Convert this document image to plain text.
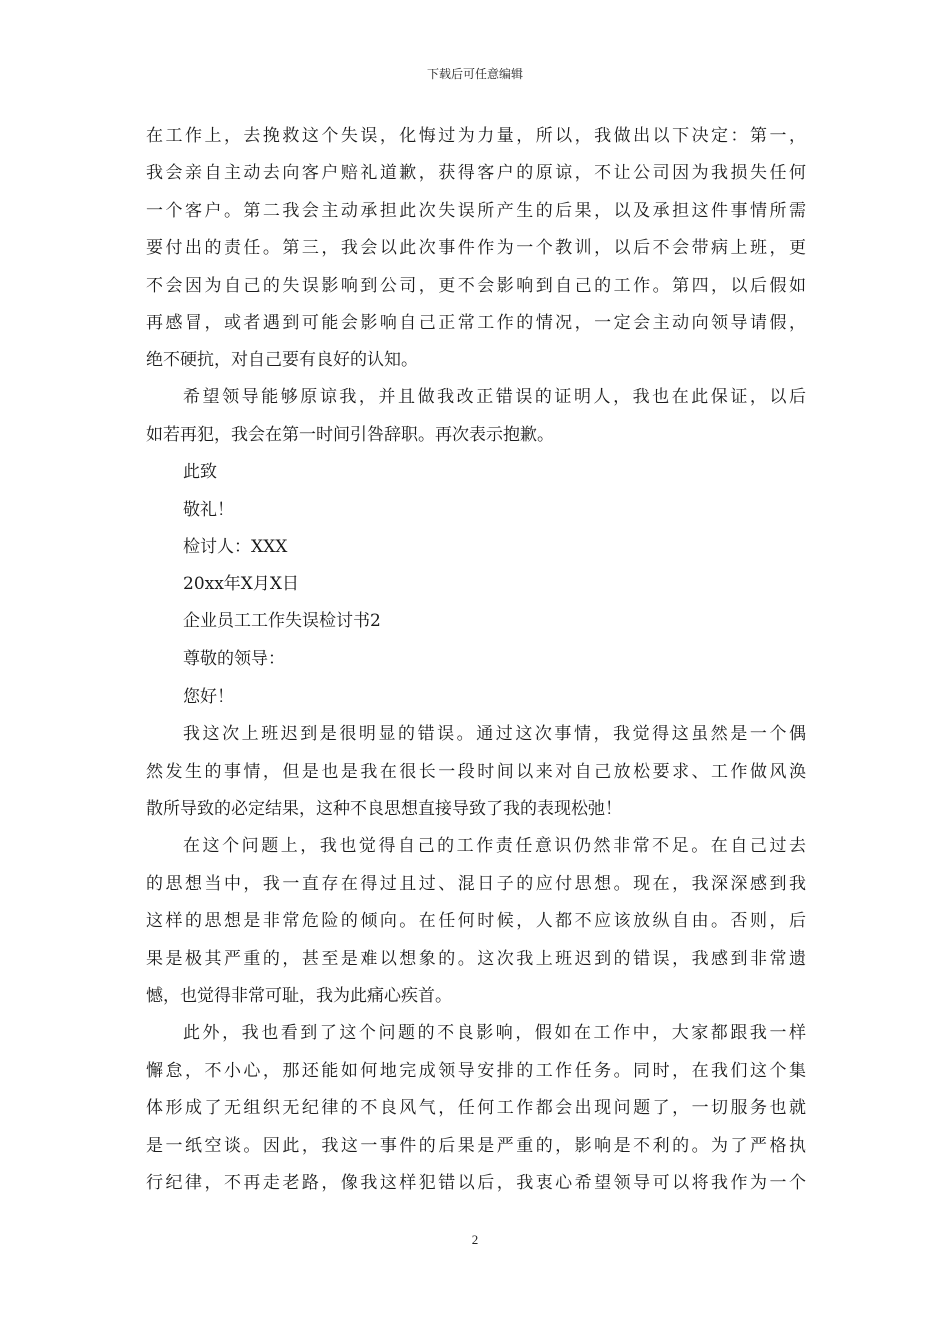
下载后可任意编辑
在工作上，去挽救这个失误，化悔过为力量，所以，我做出以下决定：第一，
我会亲自主动去向客户赔礼道歉，获得客户的原谅，不让公司因为我损失任何
一个客户。第二我会主动承担此次失误所产生的后果，以及承担这件事情所需
要付出的责任。第三，我会以此次事件作为一个教训，以后不会带病上班，更
不会因为自己的失误影响到公司，更不会影响到自己的工作。第四，以后假如
再感冒，或者遇到可能会影响自己正常工作的情况，一定会主动向领导请假，
绝不硬抗，对自己要有良好的认知。
希望领导能够原谅我，并且做我改正错误的证明人，我也在此保证，以后
如若再犯，我会在第一时间引咎辞职。再次表示抱歉。
此致
敬礼！
检讨人：XXX
20xx年X月X日
企业员工工作失误检讨书2
尊敬的领导：
您好！
我这次上班迟到是很明显的错误。通过这次事情，我觉得这虽然是一个偶
然发生的事情，但是也是我在很长一段时间以来对自己放松要求、工作做风涣
散所导致的必定结果，这种不良思想直接导致了我的表现松弛！
在这个问题上，我也觉得自己的工作责任意识仍然非常不足。在自己过去
的思想当中，我一直存在得过且过、混日子的应付思想。现在，我深深感到我
这样的思想是非常危险的倾向。在任何时候，人都不应该放纵自由。否则，后
果是极其严重的，甚至是难以想象的。这次我上班迟到的错误，我感到非常遗
憾，也觉得非常可耻，我为此痛心疾首。
此外，我也看到了这个问题的不良影响，假如在工作中，大家都跟我一样
懈怠，不小心，那还能如何地完成领导安排的工作任务。同时，在我们这个集
体形成了无组织无纪律的不良风气，任何工作都会出现问题了，一切服务也就
是一纸空谈。因此，我这一事件的后果是严重的，影响是不利的。为了严格执
行纪律，不再走老路，像我这样犯错以后，我衷心希望领导可以将我作为一个
2
